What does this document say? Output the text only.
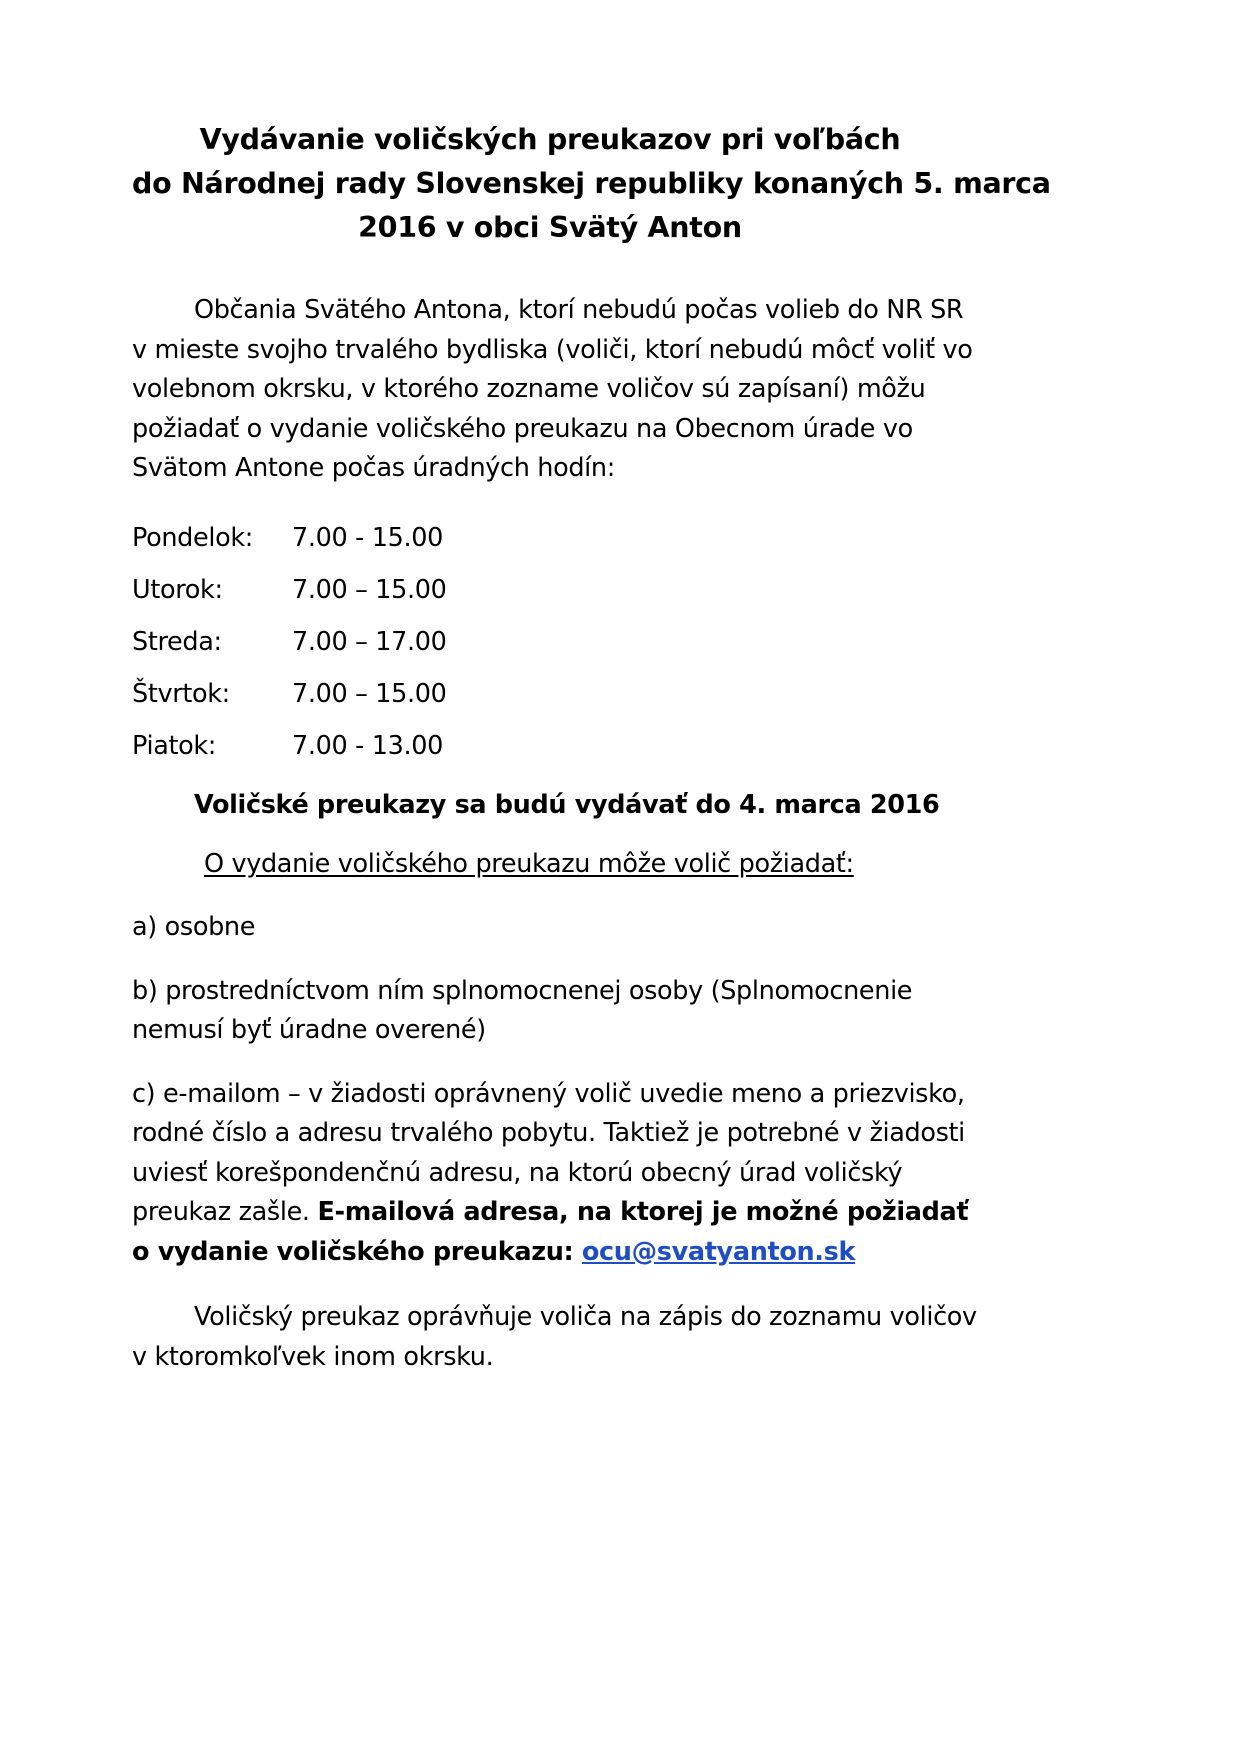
Vydávanie voličských preukazov pri voľbách
do Národnej rady Slovenskej republiky konaných 5. marca
2016 v obci Svätý Anton

Občania Svätého Antona, ktorí nebudú počas volieb do NR SR v mieste svojho trvalého bydliska (voliči, ktorí nebudú môcť voliť vo volebnom okrsku, v ktorého zozname voličov sú zapísaní) môžu požiadať o vydanie voličského preukazu na Obecnom úrade vo Svätom Antone počas úradných hodín:

Pondelok:	7.00 - 15.00
Utorok:	7.00 – 15.00
Streda:	7.00 – 17.00
Štvrtok:	7.00 – 15.00
Piatok:	7.00 - 13.00

Voličské preukazy sa budú vydávať do 4. marca 2016

O vydanie voličského preukazu môže volič požiadať:

a) osobne

b) prostredníctvom ním splnomocnenej osoby (Splnomocnenie nemusí byť úradne overené)

c) e-mailom – v žiadosti oprávnený volič uvedie meno a priezvisko, rodné číslo a adresu trvalého pobytu. Taktiež je potrebné v žiadosti uviesť korešpondenčnú adresu, na ktorú obecný úrad voličský preukaz zašle. E-mailová adresa, na ktorej je možné požiadať o vydanie voličského preukazu: ocu@svatyanton.sk

Voličský preukaz oprávňuje voliča na zápis do zoznamu voličov v ktoromkoľvek inom okrsku.
